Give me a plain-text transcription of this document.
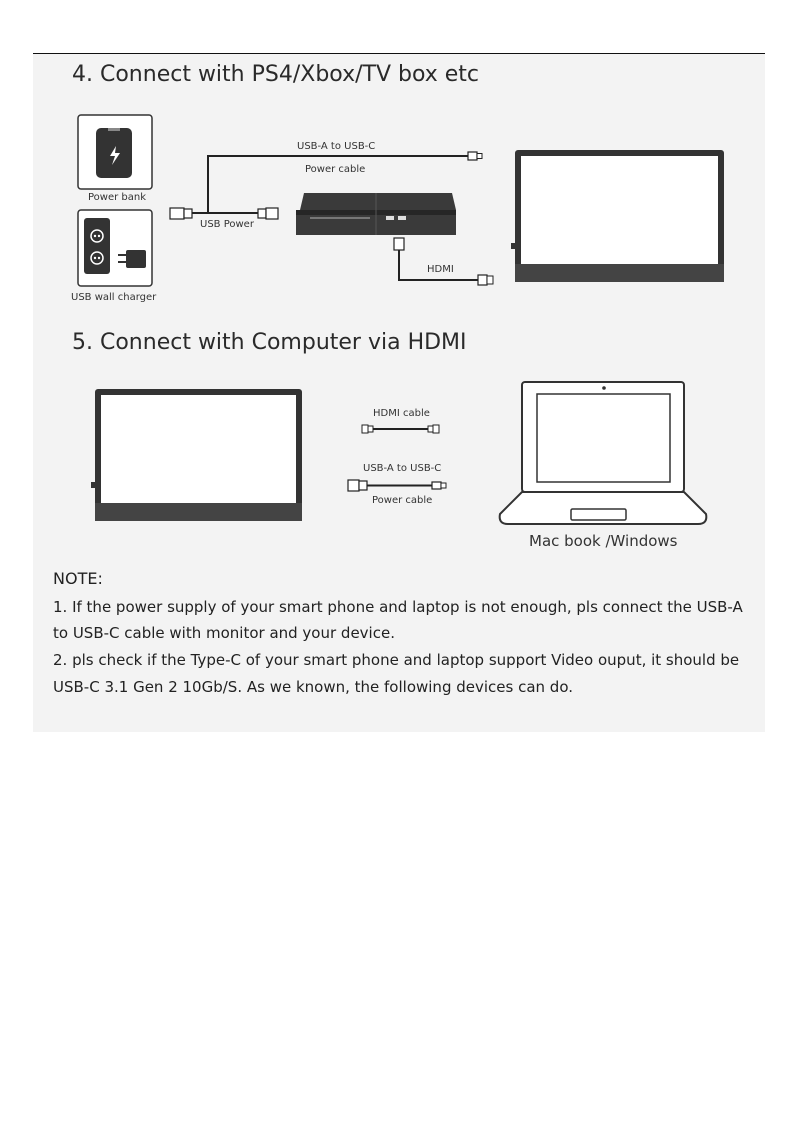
4. Connect with PS4/Xbox/TV box etc
5. Connect with Computer via HDMI
Power bank
USB wall charger
USB Power
USB-A to USB-C
Power cable
HDMI
HDMI cable
USB-A to USB-C
Power cable
Mac book /Windows
NOTE:
1. If the power supply of your smart phone and laptop is not enough, pls connect the USB-A
to USB-C cable with monitor and your device.
2. pls check if the Type-C of your smart phone and laptop support Video ouput, it should be
USB-C 3.1 Gen 2 10Gb/S. As we known, the following devices can do.
